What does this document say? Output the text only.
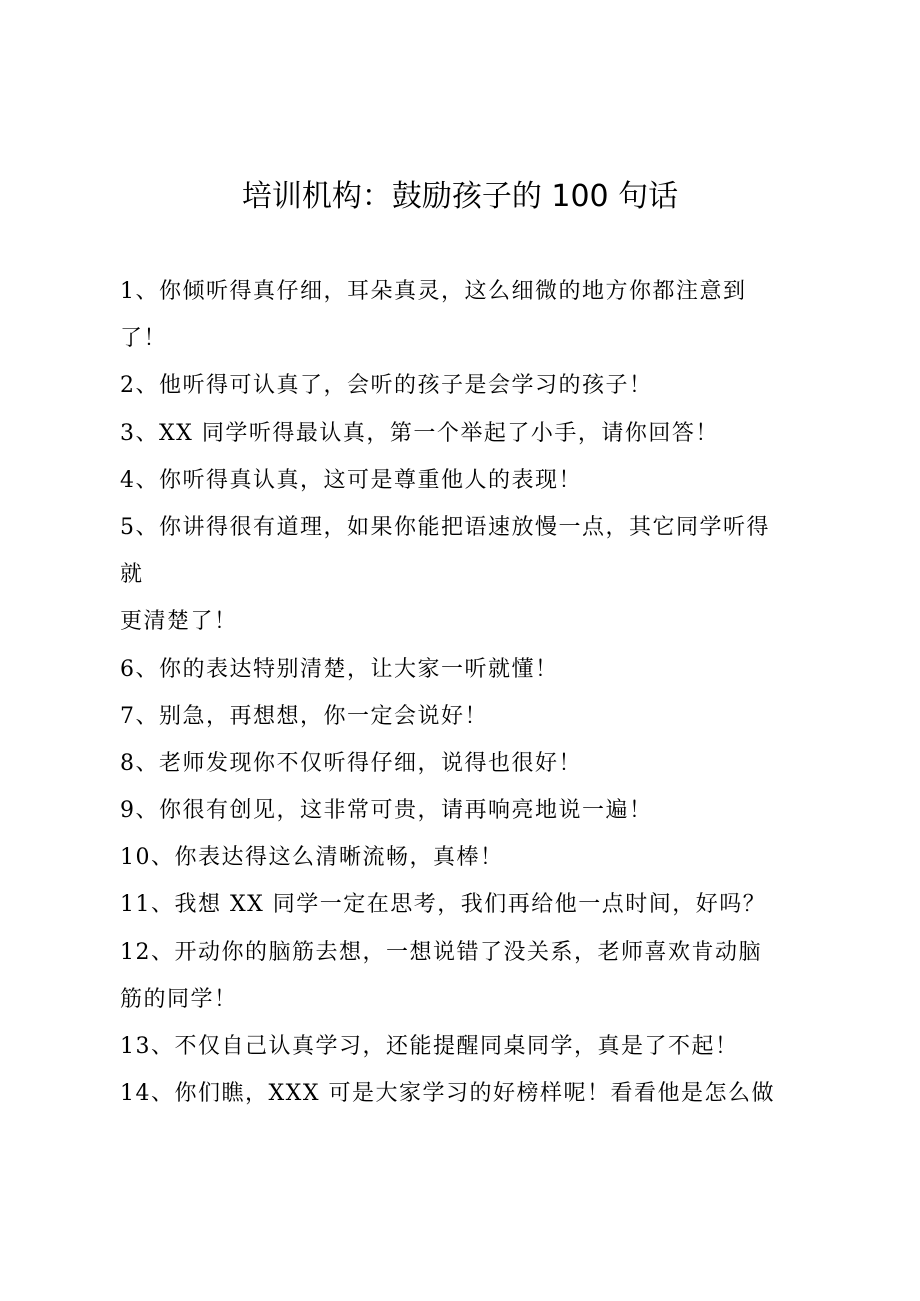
培训机构：鼓励孩子的 100 句话
1、你倾听得真仔细，耳朵真灵，这么细微的地方你都注意到
了！
2、他听得可认真了，会听的孩子是会学习的孩子！
3、XX 同学听得最认真，第一个举起了小手，请你回答！
4、你听得真认真，这可是尊重他人的表现！
5、你讲得很有道理，如果你能把语速放慢一点，其它同学听得
就
更清楚了！
6、你的表达特别清楚，让大家一听就懂！
7、别急，再想想，你一定会说好！
8、老师发现你不仅听得仔细，说得也很好！
9、你很有创见，这非常可贵，请再响亮地说一遍！
10、你表达得这么清晰流畅，真棒！
11、我想 XX 同学一定在思考，我们再给他一点时间，好吗？
12、开动你的脑筋去想，一想说错了没关系，老师喜欢肯动脑
筋的同学！
13、不仅自己认真学习，还能提醒同桌同学，真是了不起！
14、你们瞧，XXX 可是大家学习的好榜样呢！看看他是怎么做
